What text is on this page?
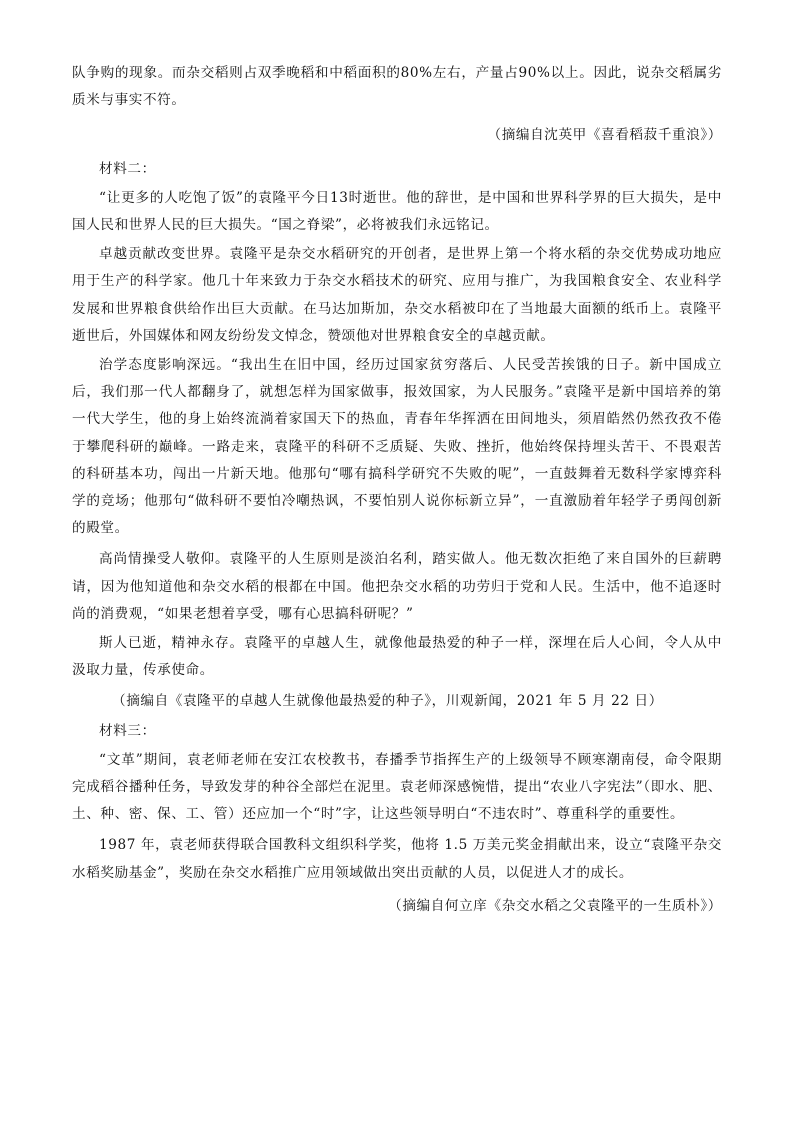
队争购的现象。而杂交稻则占双季晚稻和中稻面积的80%左右，产量占90%以上。因此，说杂交稻属劣质米与事实不符。

（摘编自沈英甲《喜看稻菽千重浪》）

材料二：

“让更多的人吃饱了饭”的袁隆平今日13时逝世。他的辞世，是中国和世界科学界的巨大损失，是中国人民和世界人民的巨大损失。“国之脊梁”，必将被我们永远铭记。

卓越贡献改变世界。袁隆平是杂交水稻研究的开创者，是世界上第一个将水稻的杂交优势成功地应用于生产的科学家。他几十年来致力于杂交水稻技术的研究、应用与推广，为我国粮食安全、农业科学发展和世界粮食供给作出巨大贡献。在马达加斯加，杂交水稻被印在了当地最大面额的纸币上。袁隆平逝世后，外国媒体和网友纷纷发文悼念，赞颂他对世界粮食安全的卓越贡献。

治学态度影响深远。“我出生在旧中国，经历过国家贫穷落后、人民受苦挨饿的日子。新中国成立后，我们那一代人都翻身了，就想怎样为国家做事，报效国家，为人民服务。”袁隆平是新中国培养的第一代大学生，他的身上始终流淌着家国天下的热血，青春年华挥洒在田间地头，须眉皓然仍然孜孜不倦于攀爬科研的巅峰。一路走来，袁隆平的科研不乏质疑、失败、挫折，他始终保持埋头苦干、不畏艰苦的科研基本功，闯出一片新天地。他那句“哪有搞科学研究不失败的呢”，一直鼓舞着无数科学家博弈科学的竞场；他那句“做科研不要怕冷嘲热讽，不要怕别人说你标新立异”，一直激励着年轻学子勇闯创新的殿堂。

高尚情操受人敬仰。袁隆平的人生原则是淡泊名利，踏实做人。他无数次拒绝了来自国外的巨薪聘请，因为他知道他和杂交水稻的根都在中国。他把杂交水稻的功劳归于党和人民。生活中，他不追逐时尚的消费观，“如果老想着享受，哪有心思搞科研呢？”

斯人已逝，精神永存。袁隆平的卓越人生，就像他最热爱的种子一样，深埋在后人心间，令人从中汲取力量，传承使命。

（摘编自《袁隆平的卓越人生就像他最热爱的种子》，川观新闻，2021 年 5 月 22 日）

材料三：

“文革”期间，袁老师老师在安江农校教书，春播季节指挥生产的上级领导不顾寒潮南侵，命令限期完成稻谷播种任务，导致发芽的种谷全部烂在泥里。袁老师深感惋惜，提出“农业八字宪法”（即水、肥、土、种、密、保、工、管）还应加一个“时”字，让这些领导明白“不违农时”、尊重科学的重要性。

1987 年，袁老师获得联合国教科文组织科学奖，他将 1.5 万美元奖金捐献出来，设立“袁隆平杂交水稻奖励基金”，奖励在杂交水稻推广应用领域做出突出贡献的人员，以促进人才的成长。

（摘编自何立庠《杂交水稻之父袁隆平的一生质朴》）
